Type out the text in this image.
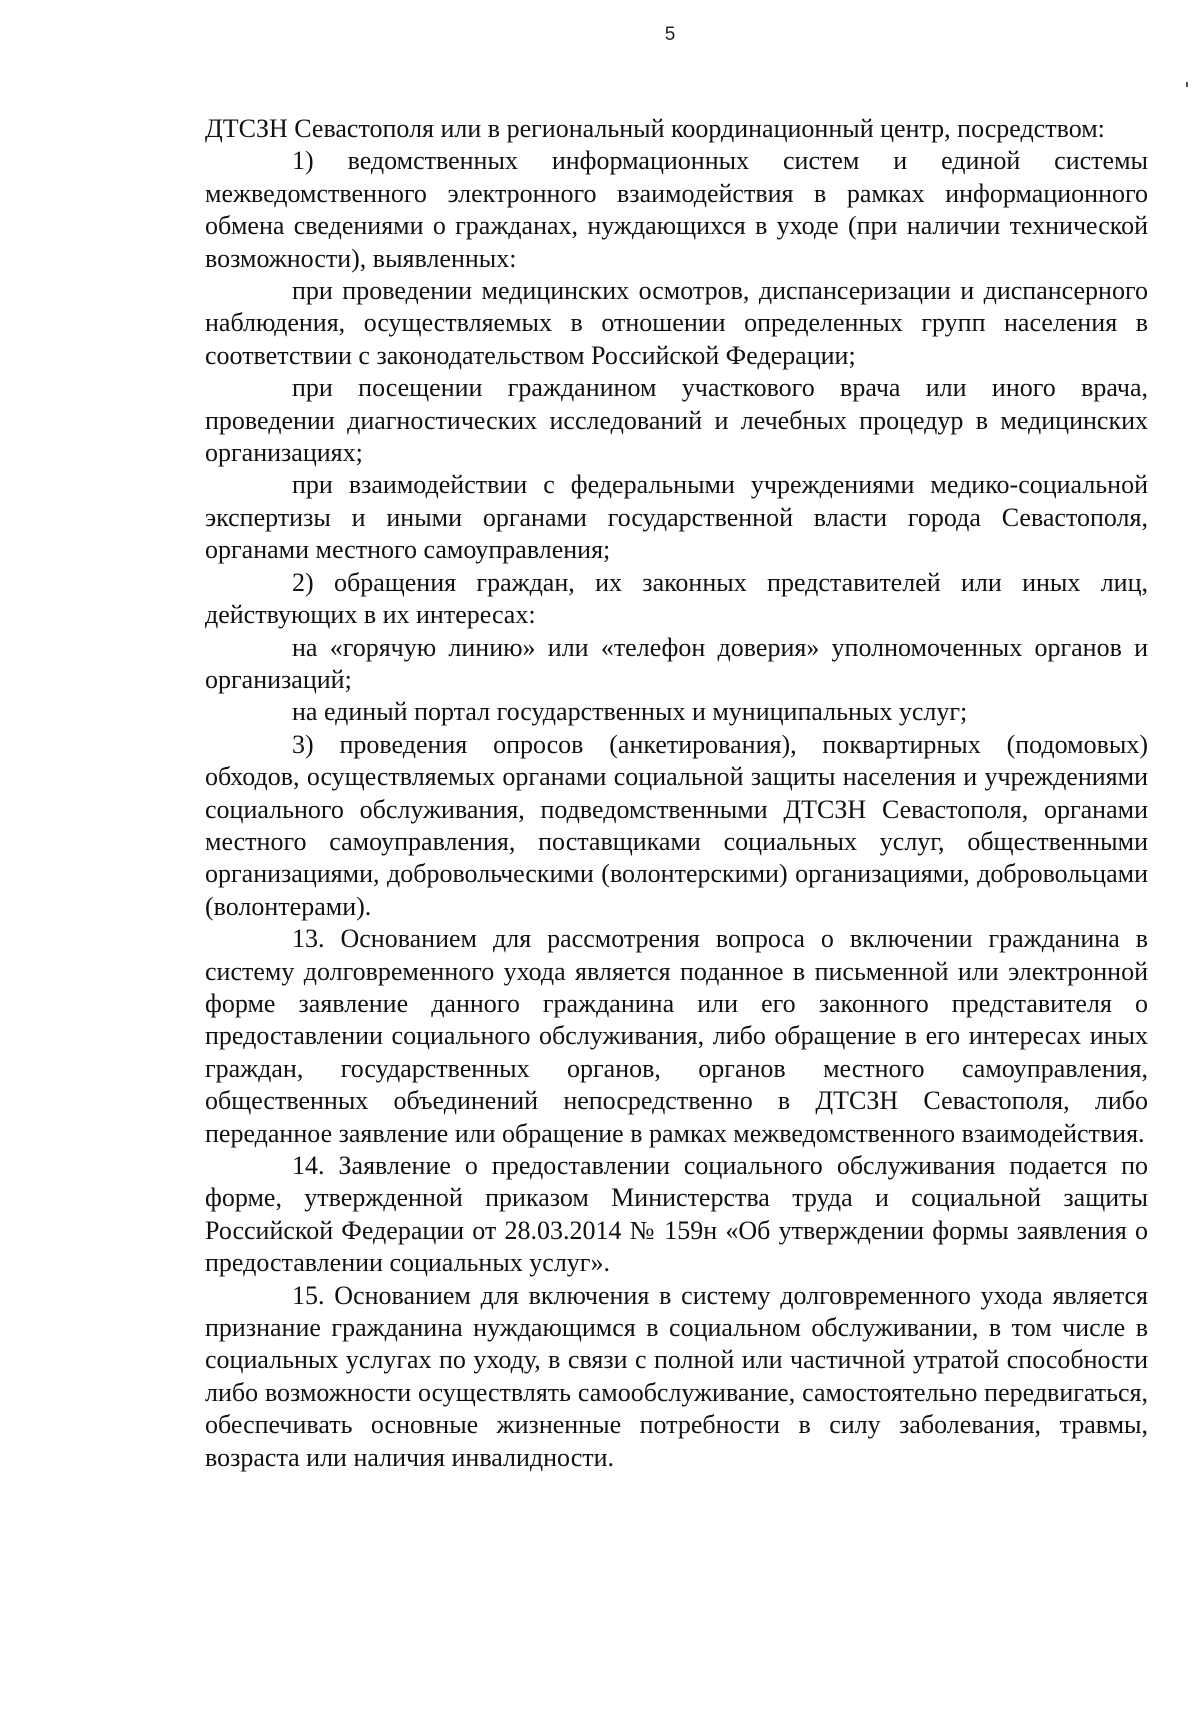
5

ДТСЗН Севастополя или в региональный координационный центр, посредством:

1) ведомственных информационных систем и единой системы межведомственного электронного взаимодействия в рамках информационного обмена сведениями о гражданах, нуждающихся в уходе (при наличии технической возможности), выявленных:

при проведении медицинских осмотров, диспансеризации и диспансерного наблюдения, осуществляемых в отношении определенных групп населения в соответствии с законодательством Российской Федерации;

при посещении гражданином участкового врача или иного врача, проведении диагностических исследований и лечебных процедур в медицинских организациях;

при взаимодействии с федеральными учреждениями медико-социальной экспертизы и иными органами государственной власти города Севастополя, органами местного самоуправления;

2) обращения граждан, их законных представителей или иных лиц, действующих в их интересах:

на «горячую линию» или «телефон доверия» уполномоченных органов и организаций;

на единый портал государственных и муниципальных услуг;

3) проведения опросов (анкетирования), поквартирных (подомовых) обходов, осуществляемых органами социальной защиты населения и учреждениями социального обслуживания, подведомственными ДТСЗН Севастополя, органами местного самоуправления, поставщиками социальных услуг, общественными организациями, добровольческими (волонтерскими) организациями, добровольцами (волонтерами).

13. Основанием для рассмотрения вопроса о включении гражданина в систему долговременного ухода является поданное в письменной или электронной форме заявление данного гражданина или его законного представителя о предоставлении социального обслуживания, либо обращение в его интересах иных граждан, государственных органов, органов местного самоуправления, общественных объединений непосредственно в ДТСЗН Севастополя, либо переданное заявление или обращение в рамках межведомственного взаимодействия.

14. Заявление о предоставлении социального обслуживания подается по форме, утвержденной приказом Министерства труда и социальной защиты Российской Федерации от 28.03.2014 № 159н «Об утверждении формы заявления о предоставлении социальных услуг».

15. Основанием для включения в систему долговременного ухода является признание гражданина нуждающимся в социальном обслуживании, в том числе в социальных услугах по уходу, в связи с полной или частичной утратой способности либо возможности осуществлять самообслуживание, самостоятельно передвигаться, обеспечивать основные жизненные потребности в силу заболевания, травмы, возраста или наличия инвалидности.
